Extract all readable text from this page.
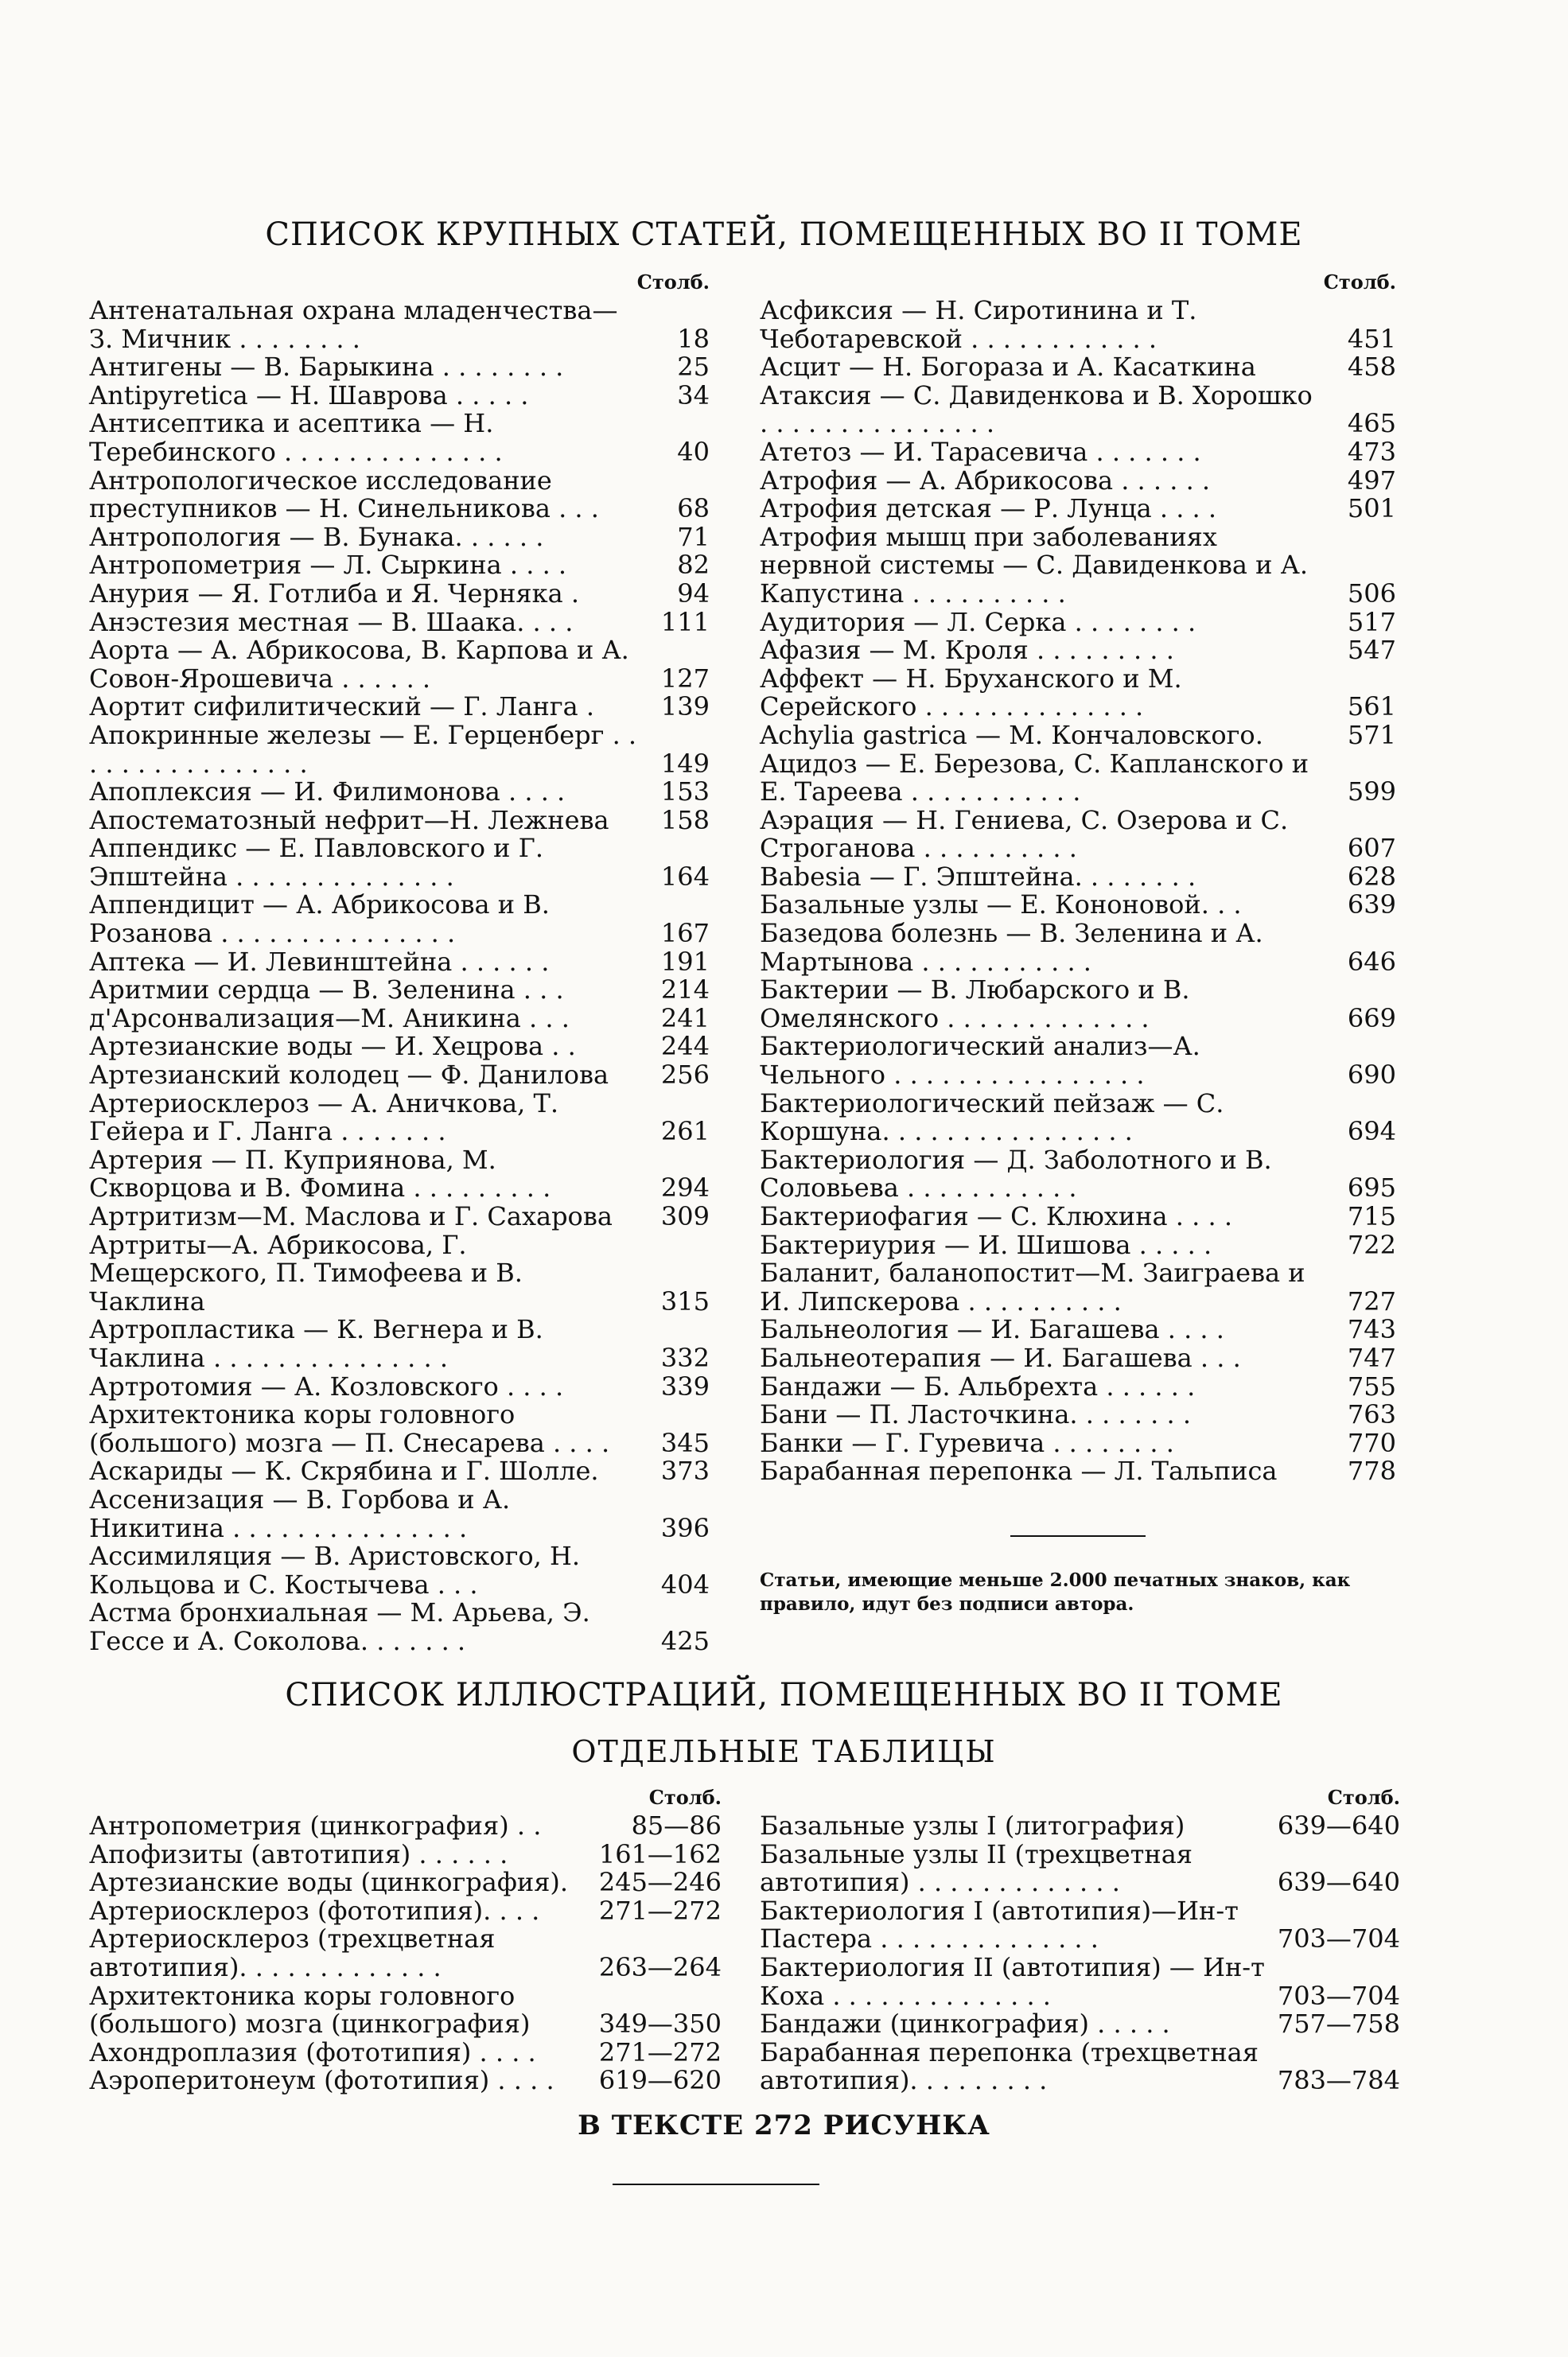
СПИСОК КРУПНЫХ СТАТЕЙ, ПОМЕЩЕННЫХ ВО II ТОМЕ
Столб.
Антенатальная охрана младенчества—З. Мичник . . . . . . . .	18
Антигены — В. Барыкина . . . . . . . .	25
Antipyretica — Н. Шаврова . . . . .	34
Антисептика и асептика — Н. Теребинского . . . . . . . . . . . . . .	40
Антропологическое исследование преступников — Н. Синельникова . . .	68
Антропология — В. Бунака. . . . . .	71
Антропометрия — Л. Сыркина . . . .	82
Анурия — Я. Готлиба и Я. Черняка .	94
Анэстезия местная — В. Шаака. . . .	111
Аорта — А. Абрикосова, В. Карпова и А. Совон-Ярошевича . . . . . .	127
Аортит сифилитический — Г. Ланга .	139
Апокринные железы — Е. Герценберг . . . . . . . . . . . . . . . .	149
Апоплексия — И. Филимонова . . . .	153
Апостематозный нефрит—Н. Лежнева	158
Аппендикс — Е. Павловского и Г. Эпштейна . . . . . . . . . . . . . .	164
Аппендицит — А. Абрикосова и В. Розанова . . . . . . . . . . . . . . .	167
Аптека — И. Левинштейна . . . . . .	191
Аритмии сердца — В. Зеленина . . .	214
д'Арсонвализация—М. Аникина . . .	241
Артезианские воды — И. Хецрова . .	244
Артезианский колодец — Ф. Данилова	256
Артериосклероз — А. Аничкова, Т. Гейера и Г. Ланга . . . . . . .	261
Артерия — П. Куприянова, М. Скворцова и В. Фомина . . . . . . . . .	294
Артритизм—М. Маслова и Г. Сахарова	309
Артриты—А. Абрикосова, Г. Мещерского, П. Тимофеева и В. Чаклина	315
Артропластика — К. Вегнера и В. Чаклина . . . . . . . . . . . . . . .	332
Артротомия — А. Козловского . . . .	339
Архитектоника коры головного (большого) мозга — П. Снесарева . . . .	345
Аскариды — К. Скрябина и Г. Шолле.	373
Ассенизация — В. Горбова и А. Никитина . . . . . . . . . . . . . . .	396
Ассимиляция — В. Аристовского, Н. Кольцова и С. Костычева . . .	404
Астма бронхиальная — М. Арьева, Э. Гессе и А. Соколова. . . . . . .	425
Столб.
Асфиксия — Н. Сиротинина и Т. Чеботаревской . . . . . . . . . . . .	451
Асцит — Н. Богораза и А. Касаткина	458
Атаксия — С. Давиденкова и В. Хорошко . . . . . . . . . . . . . . .	465
Атетоз — И. Тарасевича . . . . . . .	473
Атрофия — А. Абрикосова . . . . . .	497
Атрофия детская — Р. Лунца . . . .	501
Атрофия мышц при заболеваниях нервной системы — С. Давиденкова и А. Капустина . . . . . . . . . .	506
Аудитория — Л. Серка . . . . . . . .	517
Афазия — М. Кроля . . . . . . . . .	547
Аффект — Н. Бруханского и М. Серейского . . . . . . . . . . . . . .	561
Achylia gastrica — М. Кончаловского.	571
Ацидоз — Е. Березова, С. Капланского и Е. Тареева . . . . . . . . . . .	599
Аэрация — Н. Гениева, С. Озерова и С. Строганова . . . . . . . . . .	607
Babesia — Г. Эпштейна. . . . . . . .	628
Базальные узлы — Е. Кононовой. . .	639
Базедова болезнь — В. Зеленина и А. Мартынова . . . . . . . . . . .	646
Бактерии — В. Любарского и В. Омелянского . . . . . . . . . . . . .	669
Бактериологический анализ—А. Чельного . . . . . . . . . . . . . . . .	690
Бактериологический пейзаж — С. Коршуна. . . . . . . . . . . . . . . .	694
Бактериология — Д. Заболотного и В. Соловьева . . . . . . . . . . .	695
Бактериофагия — С. Клюхина . . . .	715
Бактериурия — И. Шишова . . . . .	722
Баланит, баланопостит—М. Заиграева и И. Липскерова . . . . . . . . . .	727
Бальнеология — И. Багашева . . . .	743
Бальнеотерапия — И. Багашева . . .	747
Бандажи — Б. Альбрехта . . . . . .	755
Бани — П. Ласточкина. . . . . . . .	763
Банки — Г. Гуревича . . . . . . . .	770
Барабанная перепонка — Л. Тальписа	778
Статьи, имеющие меньше 2.000 печатных знаков, как правило, идут без подписи автора.
СПИСОК ИЛЛЮСТРАЦИЙ, ПОМЕЩЕННЫХ ВО II ТОМЕ
ОТДЕЛЬНЫЕ ТАБЛИЦЫ
Столб.
Антропометрия (цинкография) . .	85—86
Апофизиты (автотипия) . . . . . .	161—162
Артезианские воды (цинкография).	245—246
Артериосклероз (фототипия). . . .	271—272
Артериосклероз (трехцветная автотипия). . . . . . . . . . . . .	263—264
Архитектоника коры головного (большого) мозга (цинкография)	349—350
Ахондроплазия (фототипия) . . . .	271—272
Аэроперитонеум (фототипия) . . . .	619—620
Столб.
Базальные узлы I (литография)	639—640
Базальные узлы II (трехцветная автотипия) . . . . . . . . . . . . .	639—640
Бактериология I (автотипия)—Ин-т Пастера . . . . . . . . . . . . . .	703—704
Бактериология II (автотипия) — Ин-т Коха . . . . . . . . . . . . . .	703—704
Бандажи (цинкография) . . . . .	757—758
Барабанная перепонка (трехцветная автотипия). . . . . . . . .	783—784
В ТЕКСТЕ 272 РИСУНКА
